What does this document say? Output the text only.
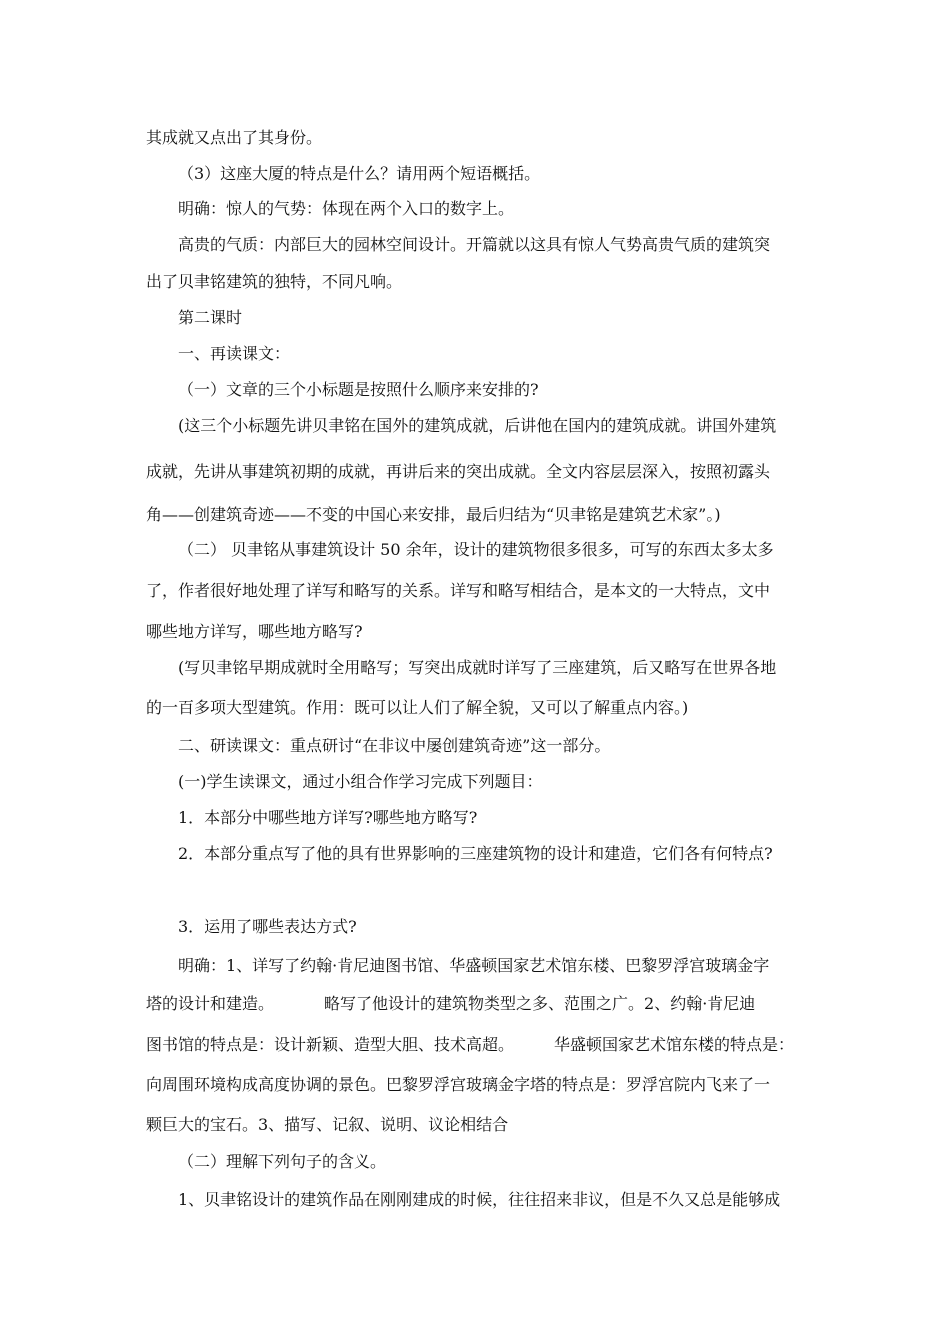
其成就又点出了其身份。
（3）这座大厦的特点是什么？请用两个短语概括。
明确：惊人的气势：体现在两个入口的数字上。
高贵的气质：内部巨大的园林空间设计。开篇就以这具有惊人气势高贵气质的建筑突
出了贝聿铭建筑的独特，不同凡响。
第二课时
一、再读课文：
（一）文章的三个小标题是按照什么顺序来安排的?
(这三个小标题先讲贝聿铭在国外的建筑成就，后讲他在国内的建筑成就。讲国外建筑
成就，先讲从事建筑初期的成就，再讲后来的突出成就。全文内容层层深入，按照初露头
角——创建筑奇迹——不变的中国心来安排，最后归结为“贝聿铭是建筑艺术家”。)
（二） 贝聿铭从事建筑设计 50 余年，设计的建筑物很多很多，可写的东西太多太多
了，作者很好地处理了详写和略写的关系。详写和略写相结合，是本文的一大特点，文中
哪些地方详写，哪些地方略写?
(写贝聿铭早期成就时全用略写；写突出成就时详写了三座建筑，后又略写在世界各地
的一百多项大型建筑。作用：既可以让人们了解全貌，又可以了解重点内容。)
二、研读课文：重点研讨“在非议中屡创建筑奇迹”这一部分。
(一)学生读课文，通过小组合作学习完成下列题目：
1．本部分中哪些地方详写?哪些地方略写?
2．本部分重点写了他的具有世界影响的三座建筑物的设计和建造，它们各有何特点?
3．运用了哪些表达方式?
明确：1、详写了约翰·肯尼迪图书馆、华盛顿国家艺术馆东楼、巴黎罗浮宫玻璃金字
塔的设计和建造。	略写了他设计的建筑物类型之多、范围之广。2、约翰·肯尼迪
图书馆的特点是：设计新颖、造型大胆、技术高超。	华盛顿国家艺术馆东楼的特点是：
向周围环境构成高度协调的景色。巴黎罗浮宫玻璃金字塔的特点是：罗浮宫院内飞来了一
颗巨大的宝石。3、描写、记叙、说明、议论相结合
（二）理解下列句子的含义。
1、贝聿铭设计的建筑作品在刚刚建成的时候，往往招来非议，但是不久又总是能够成
